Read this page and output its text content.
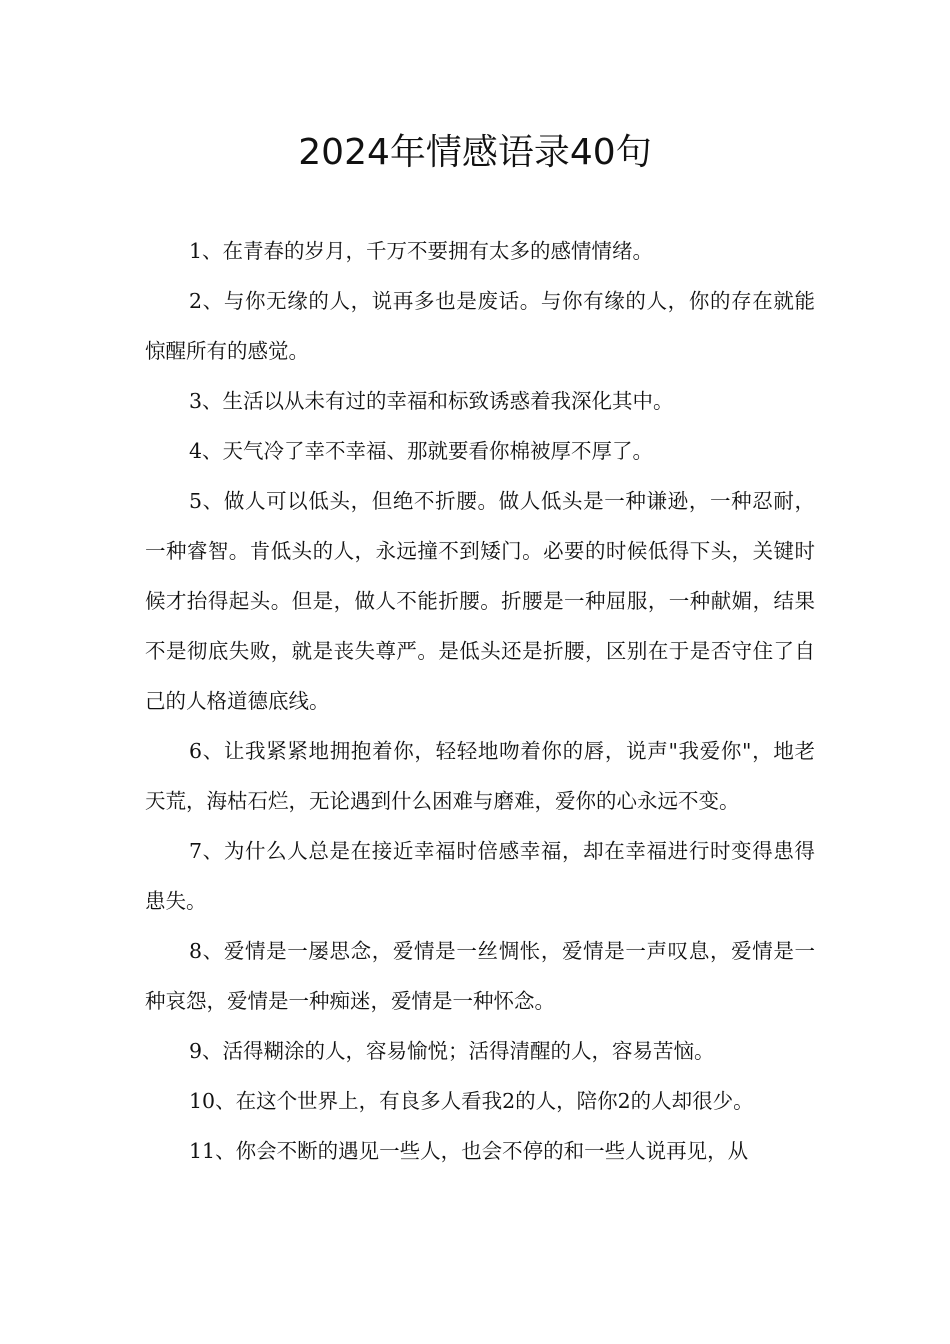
2024年情感语录40句

1、在青春的岁月，千万不要拥有太多的感情情绪。

2、与你无缘的人，说再多也是废话。与你有缘的人，你的存在就能惊醒所有的感觉。

3、生活以从未有过的幸福和标致诱惑着我深化其中。

4、天气冷了幸不幸福、那就要看你棉被厚不厚了。

5、做人可以低头，但绝不折腰。做人低头是一种谦逊，一种忍耐，一种睿智。肯低头的人，永远撞不到矮门。必要的时候低得下头，关键时候才抬得起头。但是，做人不能折腰。折腰是一种屈服，一种献媚，结果不是彻底失败，就是丧失尊严。是低头还是折腰，区别在于是否守住了自己的人格道德底线。

6、让我紧紧地拥抱着你，轻轻地吻着你的唇，说声"我爱你"，地老天荒，海枯石烂，无论遇到什么困难与磨难，爱你的心永远不变。

7、为什么人总是在接近幸福时倍感幸福，却在幸福进行时变得患得患失。

8、爱情是一屡思念，爱情是一丝惆怅，爱情是一声叹息，爱情是一种哀怨，爱情是一种痴迷，爱情是一种怀念。

9、活得糊涂的人，容易愉悦；活得清醒的人，容易苦恼。

10、在这个世界上，有良多人看我2的人，陪你2的人却很少。

11、你会不断的遇见一些人，也会不停的和一些人说再见，从
